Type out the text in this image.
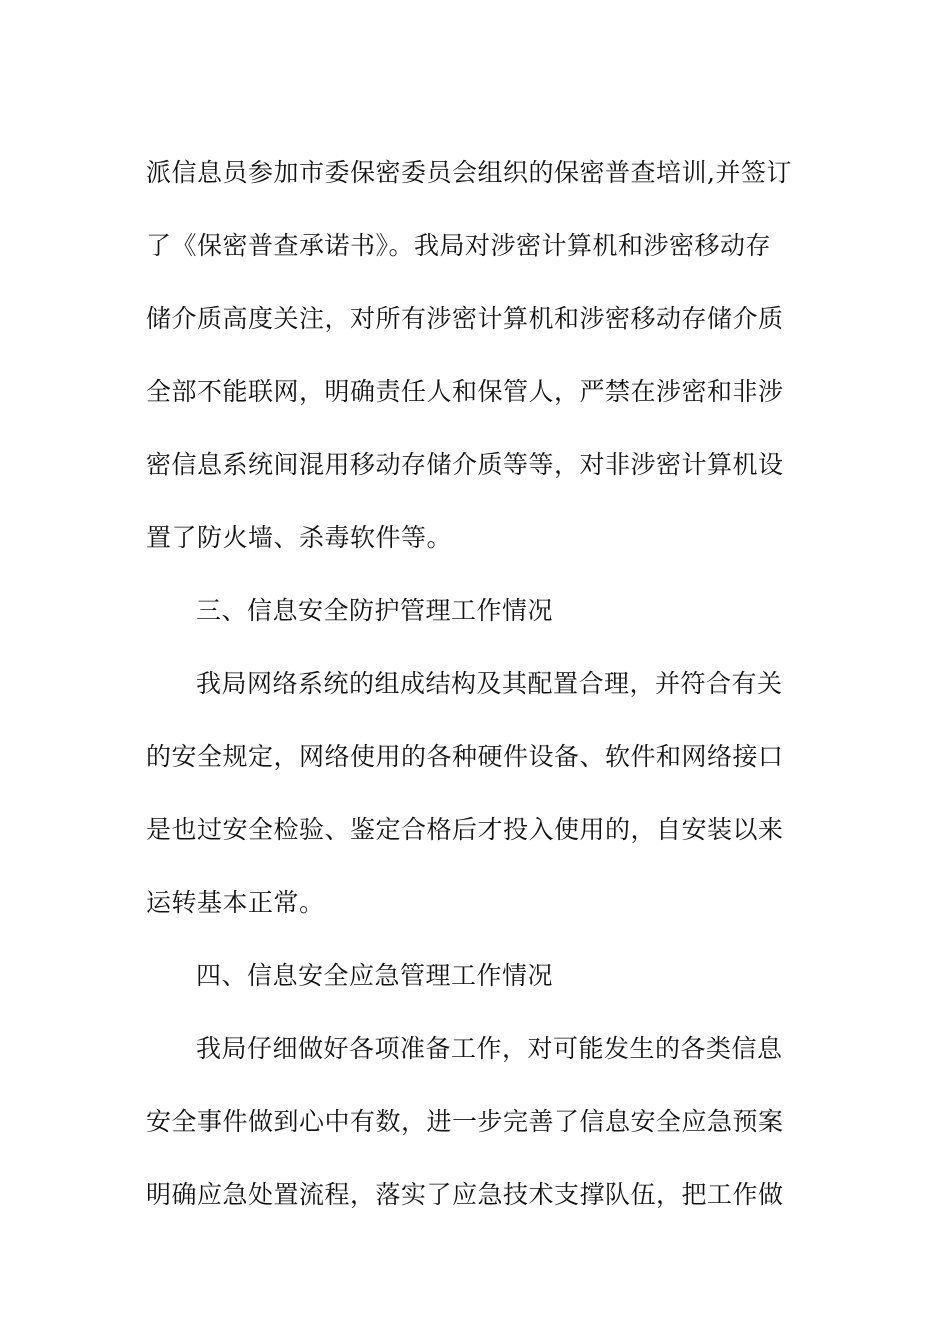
派信息员参加市委保密委员会组织的保密普查培训,并签订
了《保密普查承诺书》。我局对涉密计算机和涉密移动存
储介质高度关注，对所有涉密计算机和涉密移动存储介质
全部不能联网，明确责任人和保管人，严禁在涉密和非涉
密信息系统间混用移动存储介质等等，对非涉密计算机设
置了防火墙、杀毒软件等。
三、信息安全防护管理工作情况
我局网络系统的组成结构及其配置合理，并符合有关
的安全规定，网络使用的各种硬件设备、软件和网络接口
是也过安全检验、鉴定合格后才投入使用的，自安装以来
运转基本正常。
四、信息安全应急管理工作情况
我局仔细做好各项准备工作，对可能发生的各类信息
安全事件做到心中有数，进一步完善了信息安全应急预案
明确应急处置流程，落实了应急技术支撑队伍，把工作做
